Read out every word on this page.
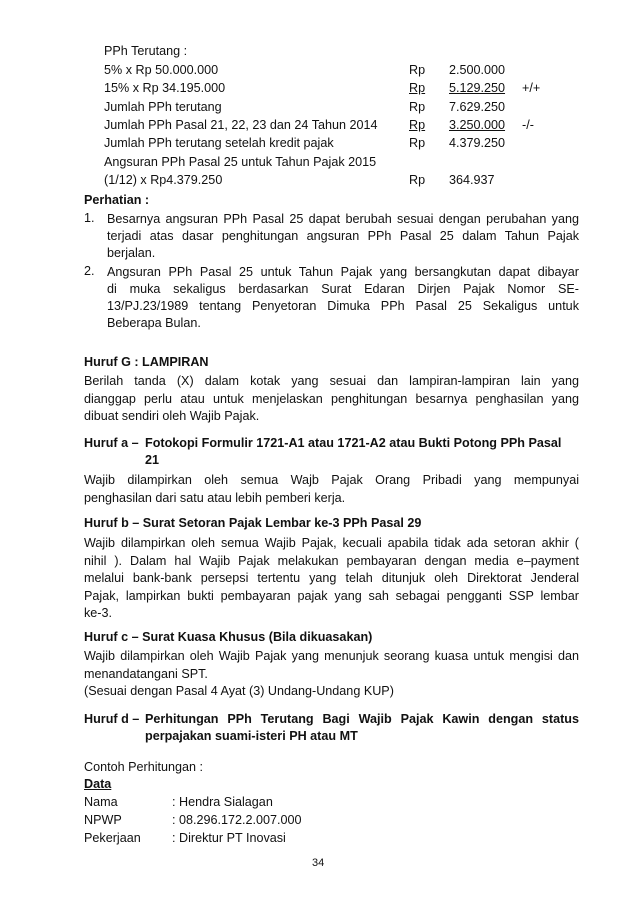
PPh Terutang :
5% x Rp 50.000.000	Rp 2.500.000
15% x Rp 34.195.000	Rp 5.129.250 +/+
Jumlah PPh terutang	Rp 7.629.250
Jumlah PPh Pasal 21, 22, 23 dan 24 Tahun 2014 Rp 3.250.000 -/-
Jumlah PPh terutang setelah kredit pajak	Rp 4.379.250
Angsuran PPh Pasal 25 untuk Tahun Pajak 2015
(1/12) x Rp4.379.250	Rp 364.937
Perhatian :
1. Besarnya angsuran PPh Pasal 25 dapat berubah sesuai dengan perubahan yang
terjadi atas dasar penghitungan angsuran PPh Pasal 25 dalam Tahun Pajak
berjalan.
2. Angsuran PPh Pasal 25 untuk Tahun Pajak yang bersangkutan dapat dibayar
di muka sekaligus berdasarkan Surat Edaran Dirjen Pajak Nomor SE-
13/PJ.23/1989 tentang Penyetoran Dimuka PPh Pasal 25 Sekaligus untuk
Beberapa Bulan.
Huruf G : LAMPIRAN
Berilah tanda (X) dalam kotak yang sesuai dan lampiran-lampiran lain yang
dianggap perlu atau untuk menjelaskan penghitungan besarnya penghasilan yang
dibuat sendiri oleh Wajib Pajak.
Huruf a – Fotokopi Formulir 1721-A1 atau 1721-A2 atau Bukti Potong PPh Pasal
21
Wajib dilampirkan oleh semua Wajb Pajak Orang Pribadi yang mempunyai
penghasilan dari satu atau lebih pemberi kerja.
Huruf b – Surat Setoran Pajak Lembar ke-3 PPh Pasal 29
Wajib dilampirkan oleh semua Wajib Pajak, kecuali apabila tidak ada setoran akhir (
nihil ). Dalam hal Wajib Pajak melakukan pembayaran dengan media e–payment
melalui bank-bank persepsi tertentu yang telah ditunjuk oleh Direktorat Jenderal
Pajak, lampirkan bukti pembayaran pajak yang sah sebagai pengganti SSP lembar
ke-3.
Huruf c – Surat Kuasa Khusus (Bila dikuasakan)
Wajib dilampirkan oleh Wajib Pajak yang menunjuk seorang kuasa untuk mengisi dan
menandatangani SPT.
(Sesuai dengan Pasal 4 Ayat (3) Undang-Undang KUP)
Huruf d – Perhitungan PPh Terutang Bagi Wajib Pajak Kawin dengan status
perpajakan suami-isteri PH atau MT
Contoh Perhitungan :
Data
Nama	: Hendra Sialagan
NPWP	: 08.296.172.2.007.000
Pekerjaan : Direktur PT Inovasi
34
